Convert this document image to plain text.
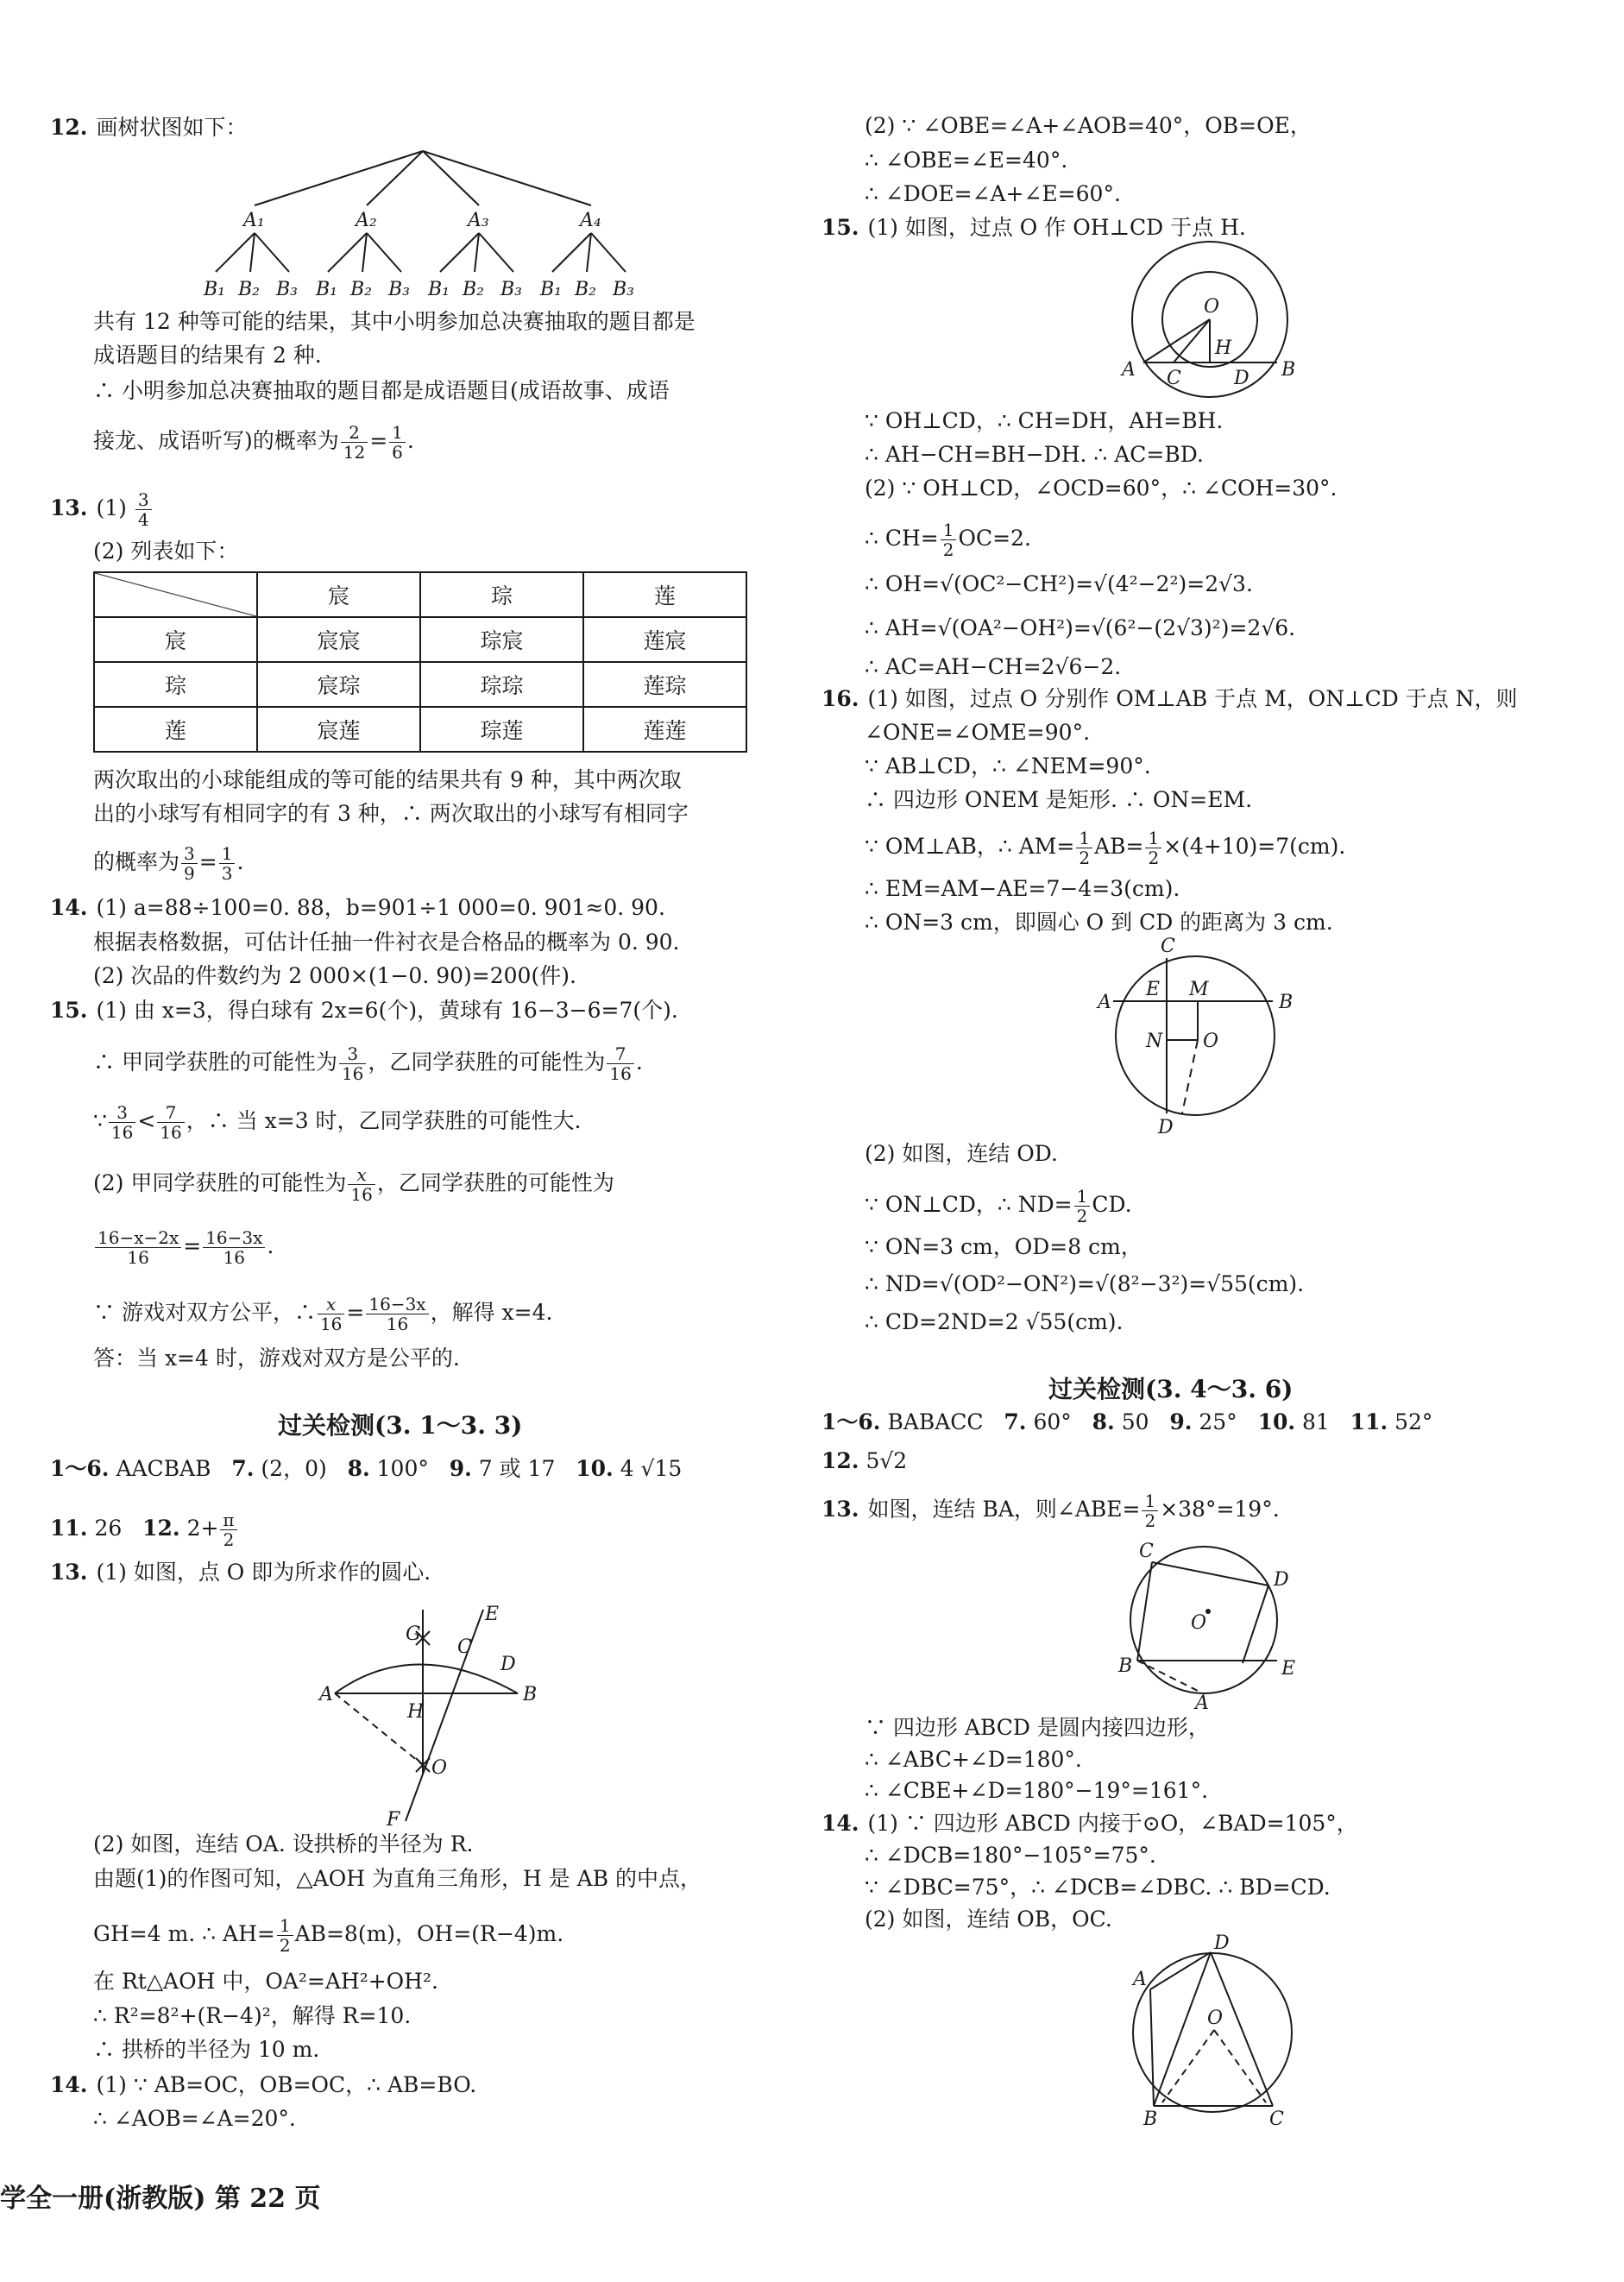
12. 画树状图如下：
A₁	A₂	A₃	A₄
B₁ B₂ B₃ B₁ B₂ B₃ B₁ B₂ B₃ B₁ B₂ B₃
共有 12 种等可能的结果，其中小明参加总决赛抽取的题目都是
成语题目的结果有 2 种.
∴ 小明参加总决赛抽取的题目都是成语题目(成语故事、成语
接龙、成语听写)的概率为 $\frac{2}{12} = \frac{1}{6}$ .
13. $(1) \frac{3}{4}$
(2) 列表如下：
	宸	琮	莲
宸	宸宸	琮宸	莲宸
琮	宸琮	琮琮	莲琮
莲	宸莲	琮莲	莲莲
两次取出的小球能组成的等可能的结果共有 9 种，其中两次取
出的小球写有相同字的有 3 种，∴ 两次取出的小球写有相同字
的概率为 $\frac{3}{9} = \frac{1}{3}$ .
14. (1) a=88÷100=0. 88，b=901÷1 000=0. 901≈0. 90.
根据表格数据，可估计任抽一件衬衣是合格品的概率为 0. 90.
(2) 次品的件数约为 2 000×(1−0. 90)=200(件).
15. (1) 由 x=3，得白球有 2x=6(个)，黄球有 16−3−6=7(个).
∴ 甲同学获胜的可能性为 $\frac{3}{16}$ ，乙同学获胜的可能性为 $\frac{7}{16}$ .
∵ $\frac{3}{16} < \frac{7}{16}$ ，∴ 当 x=3 时，乙同学获胜的可能性大.
(2) 甲同学获胜的可能性为 $\frac{x}{16}$ ，乙同学获胜的可能性为
$\frac{16-x-2x}{16} = \frac{16-3x}{16}$ .
∵ 游戏对双方公平，∴ $\frac{x}{16} = \frac{16-3x}{16}$ ，解得 x=4.
答：当 x=4 时，游戏对双方是公平的.
过关检测(3. 1～3. 3)
1～6. AACBAB 7. (2，0) 8. 100° 9. 7 或 17 10. 4 √15
11. 26 12. $2+ \frac{\pi}{2}$
13. (1) 如图，点 O 即为所求作的圆心.
G
E
C
D
A	B
H
O
F
(2) 如图，连结 OA. 设拱桥的半径为 R.
由题(1)的作图可知，△AOH 为直角三角形，H 是 AB 的中点，
GH=4 m. ∴ $AH= \frac{1}{2} AB=8(m)$，OH=(R−4)m.
在 Rt△AOH 中，OA²=AH²+OH².
∴ R²=8²+(R−4)²，解得 R=10.
∴ 拱桥的半径为 10 m.
14. (1) ∵ AB=OC，OB=OC，∴ AB=BO.
∴ ∠AOB=∠A=20°.
(2) ∵ ∠OBE=∠A+∠AOB=40°，OB=OE，
∴ ∠OBE=∠E=40°.
∴ ∠DOE=∠A+∠E=60°.
15. (1) 如图，过点 O 作 OH⊥CD 于点 H.
O
H
A C	D B
∵ OH⊥CD，∴ CH=DH，AH=BH.
∴ AH−CH=BH−DH. ∴ AC=BD.
(2) ∵ OH⊥CD，∠OCD=60°，∴ ∠COH=30°.
∴ $CH= \frac{1}{2} OC=2$.
∴ OH=√(OC²−CH²)=√(4²−2²)=2√3.
∴ AH=√(OA²−OH²)=√(6²−(2√3)²)=2√6.
∴ AC=AH−CH=2√6−2.
16. (1) 如图，过点 O 分别作 OM⊥AB 于点 M，ON⊥CD 于点 N，则
∠ONE=∠OME=90°.
∵ AB⊥CD，∴ ∠NEM=90°.
∴ 四边形 ONEM 是矩形. ∴ ON=EM.
∵ OM⊥AB，∴ $AM= \frac{1}{2} AB= \frac{1}{2} \times(4+10)=7(cm)$.
∴ EM=AM−AE=7−4=3(cm).
∴ ON=3 cm，即圆心 O 到 CD 的距离为 3 cm.
C
A
E M
B
N O
D
(2) 如图，连结 OD.
∵ ON⊥CD，∴ $ND= \frac{1}{2}$ CD.
∵ ON=3 cm，OD=8 cm，
∴ ND=√(OD²−ON²)=√(8²−3²)=√55(cm).
∴ CD=2ND=2 √55(cm).
过关检测(3. 4～3. 6)
1～6. BABACC 7. 60° 8. 50 9. 25° 10. 81 11. 52°
12. 5√2
13. 如图，连结 BA，则∠ABE= $\frac{1}{2} \times 38^\circ=19^\circ$.
C
D
O
B	E
A
∵ 四边形 ABCD 是圆内接四边形，
∴ ∠ABC+∠D=180°.
∴ ∠CBE+∠D=180°−19°=161°.
14. (1) ∵ 四边形 ABCD 内接于⊙O，∠BAD=105°，
∴ ∠DCB=180°−105°=75°.
∵ ∠DBC=75°，∴ ∠DCB=∠DBC. ∴ BD=CD.
(2) 如图，连结 OB，OC.
D
A
O
B	C
学全一册(浙教版) 第 22 页
